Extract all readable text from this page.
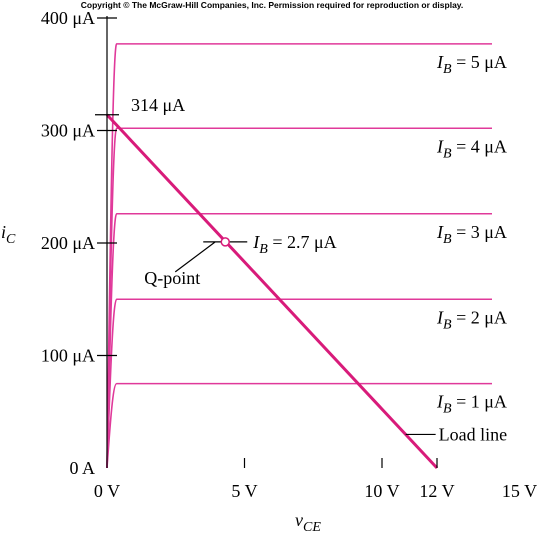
Copyright © The McGraw-Hill Companies, Inc. Permission required for reproduction or display.
0 A
100 μA
200 μA
300 μA
400 μA
0 V	5 V	10 V 12 V	15 V
$i_C$
$v_{CE}$
$I_B = 1$ μA
$I_B = 2$ μA
$I_B = 3$ μA
$I_B = 4$ μA
$I_B = 5$ μA
Load line
Q-point
$I_B = 2.7$ μA
314 μA
